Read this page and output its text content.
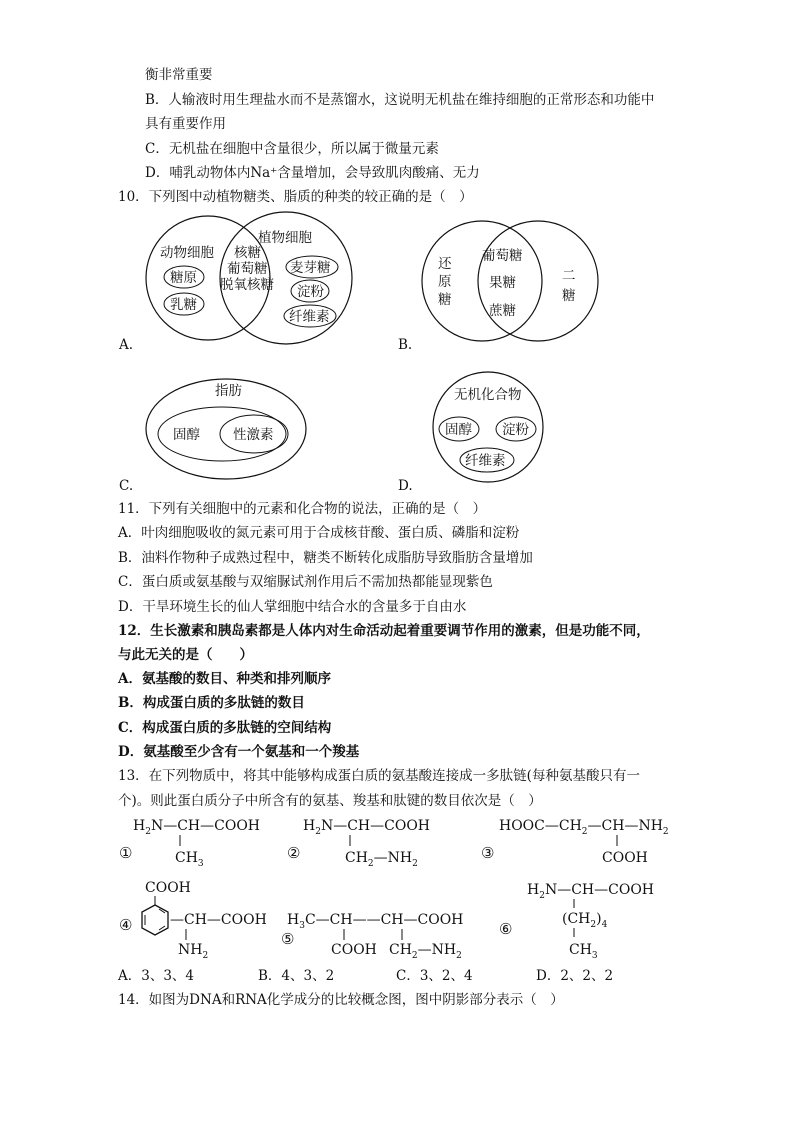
衡非常重要
B．人输液时用生理盐水而不是蒸馏水，这说明无机盐在维持细胞的正常形态和功能中
具有重要作用
C．无机盐在细胞中含量很少，所以属于微量元素
D．哺乳动物体内Na⁺含量增加，会导致肌肉酸痛、无力
10．下列图中动植物糖类、脂质的种类的较正确的是（　）
动物细胞
植物细胞
糖原
乳糖
核糖
葡萄糖
脱氧核糖
麦芽糖
淀粉
纤维素
A.
还
原
糖
葡萄糖
果糖
蔗糖
二
糖
B.
指肪
固醇 性激素
C.
无机化合物
固醇 淀粉
纤维素
D.
11．下列有关细胞中的元素和化合物的说法，正确的是（　）
A．叶肉细胞吸收的氮元素可用于合成核苷酸、蛋白质、磷脂和淀粉
B．油料作物种子成熟过程中，糖类不断转化成脂肪导致脂肪含量增加
C．蛋白质或氨基酸与双缩脲试剂作用后不需加热都能显现紫色
D．干旱环境生长的仙人掌细胞中结合水的含量多于自由水
12．生长激素和胰岛素都是人体内对生命活动起着重要调节作用的激素，但是功能不同，
与此无关的是（　　）
A．氨基酸的数目、种类和排列顺序
B．构成蛋白质的多肽链的数目
C．构成蛋白质的多肽链的空间结构
D．氨基酸至少含有一个氨基和一个羧基
13．在下列物质中，将其中能够构成蛋白质的氨基酸连接成一多肽链(每种氨基酸只有一
个)。则此蛋白质分子中所含有的氨基、羧基和肽键的数目依次是（　）
①
$H_2N—CH—COOH$
$CH_3$
②
$H_2N—CH—COOH$
$CH_2—NH_2$
③
$HOOC—CH_2—CH—NH_2$
COOH
④
COOH
—CH—COOH
$NH_2$
⑤
$H_3C—CH——CH—COOH$
COOH $CH_2—NH_2$
⑥
$H_2N—CH—COOH$
$(CH_2)_4$
$CH_3$
A．3、3、4	B．4、3、2	C．3、2、4	D．2、2、2
14．如图为DNA和RNA化学成分的比较概念图，图中阴影部分表示（　）
